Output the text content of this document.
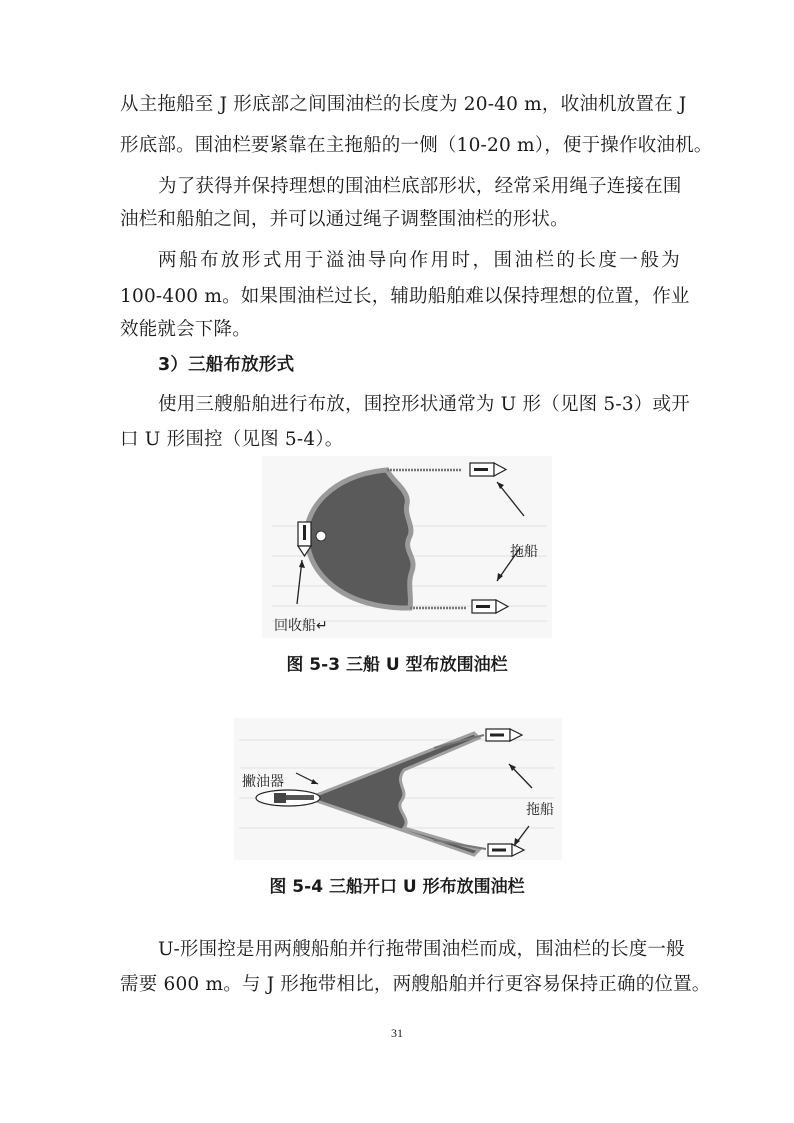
从主拖船至 J 形底部之间围油栏的长度为 20-40 m，收油机放置在 J
形底部。围油栏要紧靠在主拖船的一侧（10-20 m），便于操作收油机。
为了获得并保持理想的围油栏底部形状，经常采用绳子连接在围
油栏和船舶之间，并可以通过绳子调整围油栏的形状。
两船布放形式用于溢油导向作用时，围油栏的长度一般为
100-400 m。如果围油栏过长，辅助船舶难以保持理想的位置，作业
效能就会下降。
3）三船布放形式
使用三艘船舶进行布放，围控形状通常为 U 形（见图 5-3）或开
口 U 形围控（见图 5-4）。
拖船
回收船↵
图 5-3 三船 U 型布放围油栏
撇油器
拖船
图 5-4 三船开口 U 形布放围油栏
U-形围控是用两艘船舶并行拖带围油栏而成，围油栏的长度一般
需要 600 m。与 J 形拖带相比，两艘船舶并行更容易保持正确的位置。
31
